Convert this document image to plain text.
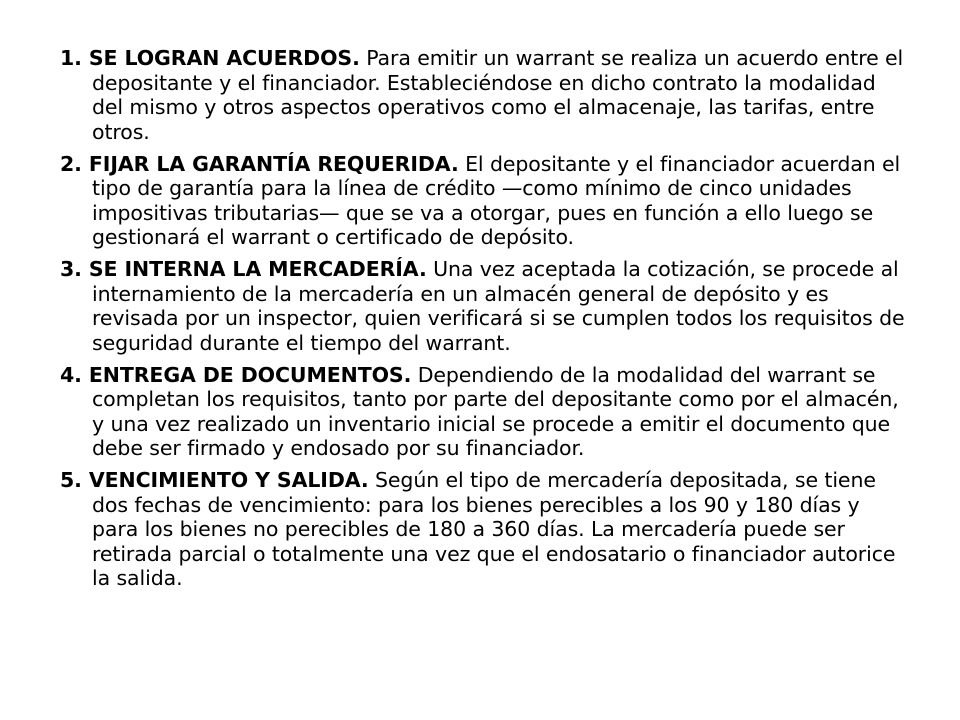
1. SE LOGRAN ACUERDOS. Para emitir un warrant se realiza un acuerdo entre el depositante y el financiador. Estableciéndose en dicho contrato la modalidad del mismo y otros aspectos operativos como el almacenaje, las tarifas, entre otros.

2. FIJAR LA GARANTÍA REQUERIDA. El depositante y el financiador acuerdan el tipo de garantía para la línea de crédito —como mínimo de cinco unidades impositivas tributarias— que se va a otorgar, pues en función a ello luego se gestionará el warrant o certificado de depósito.

3. SE INTERNA LA MERCADERÍA. Una vez aceptada la cotización, se procede al internamiento de la mercadería en un almacén general de depósito y es revisada por un inspector, quien verificará si se cumplen todos los requisitos de seguridad durante el tiempo del warrant.

4. ENTREGA DE DOCUMENTOS. Dependiendo de la modalidad del warrant se completan los requisitos, tanto por parte del depositante como por el almacén, y una vez realizado un inventario inicial se procede a emitir el documento que debe ser firmado y endosado por su financiador.

5. VENCIMIENTO Y SALIDA. Según el tipo de mercadería depositada, se tiene dos fechas de vencimiento: para los bienes perecibles a los 90 y 180 días y para los bienes no perecibles de 180 a 360 días. La mercadería puede ser retirada parcial o totalmente una vez que el endosatario o financiador autorice la salida.
